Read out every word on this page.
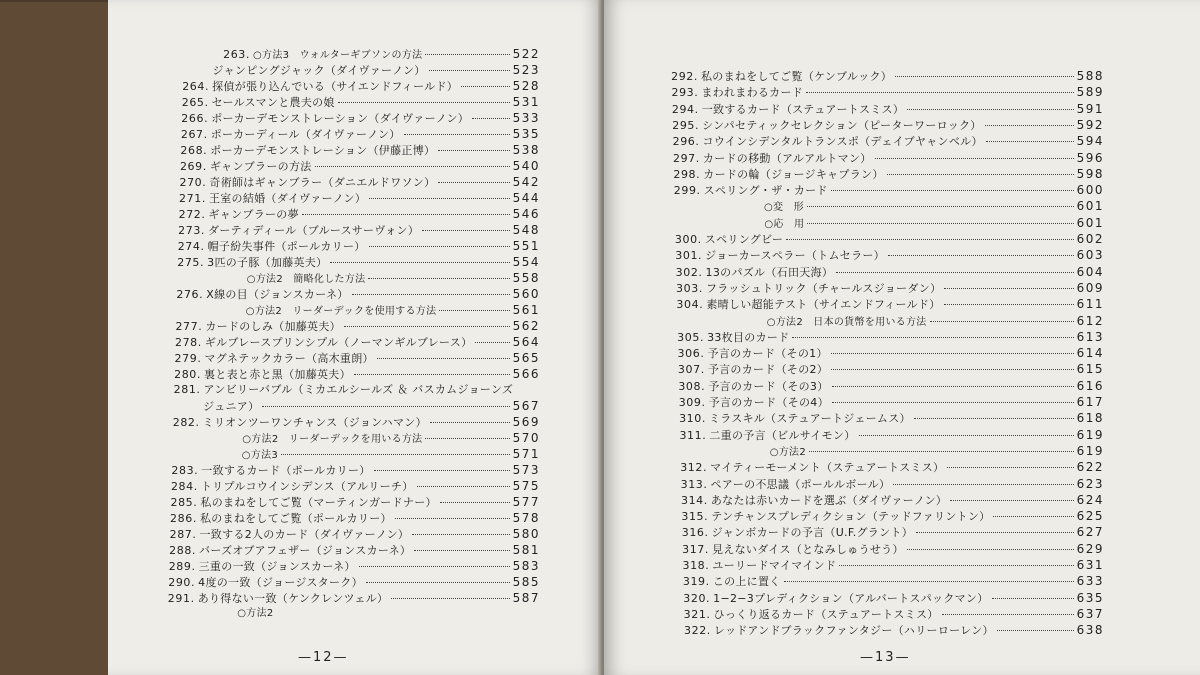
263. ○方法3　ウォルターギブソンの方法	522
ジャンピングジャック（ダイヴァーノン）	523
264. 探偵が張り込んでいる（サイエンドフィールド）	528
265. セールスマンと農夫の娘	531
266. ポーカーデモンストレーション（ダイヴァーノン）	533
267. ポーカーディール（ダイヴァーノン）	535
268. ポーカーデモンストレーション（伊藤正博）	538
269. ギャンブラーの方法	540
270. 奇術師はギャンブラー（ダニエルドワソン）	542
271. 王室の結婚（ダイヴァーノン）	544
272. ギャンブラーの夢	546
273. ダーティディール（ブルースサーヴォン）	548
274. 帽子紛失事件（ポールカリー）	551
275. 3匹の子豚（加藤英夫）	554
○方法2　簡略化した方法	558
276. X線の目（ジョンスカーネ）	560
○方法2　リーダーデックを使用する方法	561
277. カードのしみ（加藤英夫）	562
278. ギルブレースプリンシプル（ノーマンギルブレース）	564
279. マグネテックカラー（高木重朗）	565
280. 裏と表と赤と黒（加藤英夫）	566
281. アンビリーバブル（ミカエルシールズ ＆ バスカムジョーンズ
ジュニア）	567
282. ミリオンツーワンチャンス（ジョンハマン）	569
○方法2　リーダーデックを用いる方法	570
○方法3	571
283. 一致するカード（ポールカリー）	573
284. トリプルコウインシデンス（アルリーチ）	575
285. 私のまねをしてご覧（マーティンガードナー）	577
286. 私のまねをしてご覧（ポールカリー）	578
287. 一致する2人のカード（ダイヴァーノン）	580
288. バーズオブアフェザー（ジョンスカーネ）	581
289. 三重の一致（ジョンスカーネ）	583
290. 4度の一致（ジョージスターク）	585
291. あり得ない一致（ケンクレンツェル）	587
○方法2
292. 私のまねをしてご覧（ケンブルック）	588
293. まわれまわるカード	589
294. 一致するカード（ステュアートスミス）	591
295. シンパセティックセレクション（ピーターワーロック）	592
296. コウインシデンタルトランスポ（デェイブヤャンベル）	594
297. カードの移動（アルアルトマン）	596
298. カードの輪（ジョージキャプラン）	598
299. スペリング・ザ・カード	600
○変　形	601
○応　用	601
300. スペリングビー	602
301. ジョーカースペラー（トムセラー）	603
302. 13のパズル（石田天海）	604
303. フラッシュトリック（チャールスジョーダン）	609
304. 素晴しい超能テスト（サイエンドフィールド）	611
○方法2　日本の貨幣を用いる方法	612
305. 33枚目のカード	613
306. 予言のカード（その1）	614
307. 予言のカード（その2）	615
308. 予言のカード（その3）	616
309. 予言のカード（その4）	617
310. ミラスキル（ステュアートジェームス）	618
311. 二重の予言（ビルサイモン）	619
○方法2	619
312. マイティーモーメント（ステュアートスミス）	622
313. ペアーの不思議（ポールルボール）	623
314. あなたは赤いカードを選ぶ（ダイヴァーノン）	624
315. テンチャンスプレディクション（テッドファリントン）	625
316. ジャンボカードの予言（U.F.グラント）	627
317. 見えないダイス（となみしゅうせう）	629
318. ユーリードマイマインド	631
319. この上に置く	633
320. 1−2−3プレディクション（アルバートスパックマン）	635
321. ひっくり返るカード（ステュアートスミス）	637
322. レッドアンドブラックファンタジー（ハリーローレン）	638
—12—	—13—
